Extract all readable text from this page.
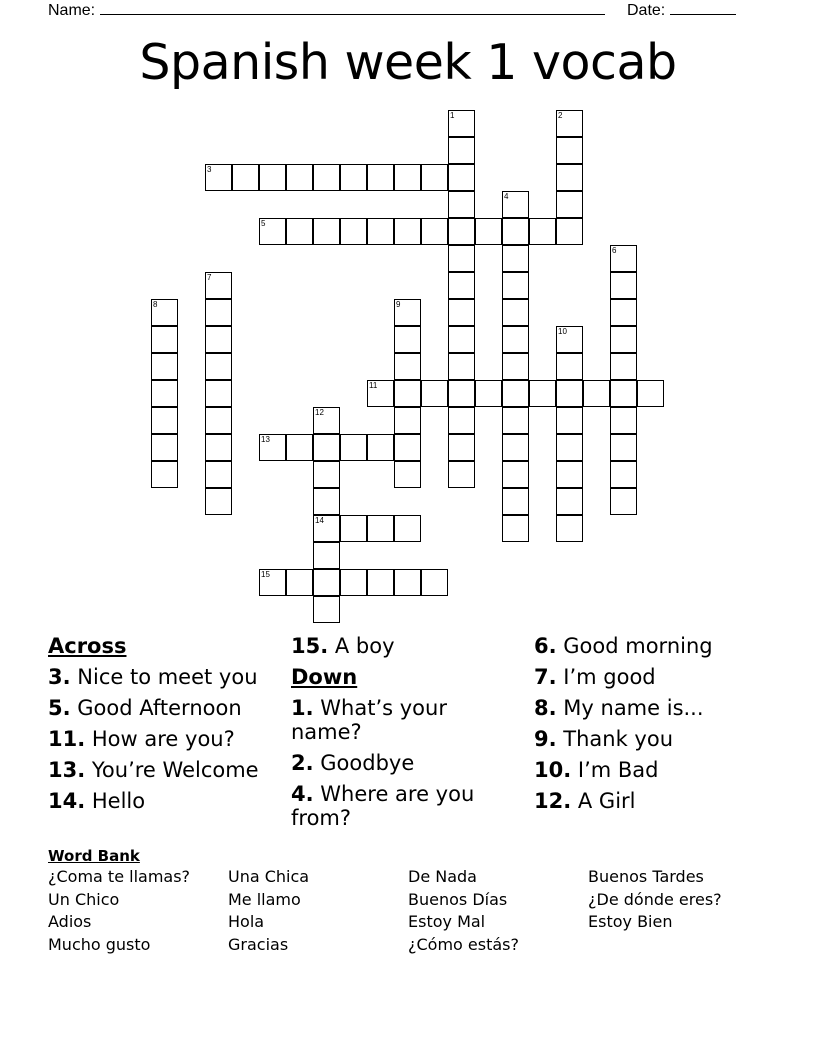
Name:	Date:
Spanish week 1 vocab
1	2
3
4
5
6
7
8	9
10
11
12
14
13
15
Across
3. Nice to meet you
5. Good Afternoon
11. How are you?
13. You’re Welcome
14. Hello
15. A boy
Down
1. What’s your name?
2. Goodbye
4. Where are you from?
6. Good morning
7. I’m good
8. My name is...
9. Thank you
10. I’m Bad
12. A Girl
Word Bank
¿Coma te llamas?
Un Chico
Adios
Mucho gusto
Una Chica
Me llamo
Hola
Gracias
De Nada
Buenos Días
Estoy Mal
¿Cómo estás?
Buenos Tardes
¿De dónde eres?
Estoy Bien
